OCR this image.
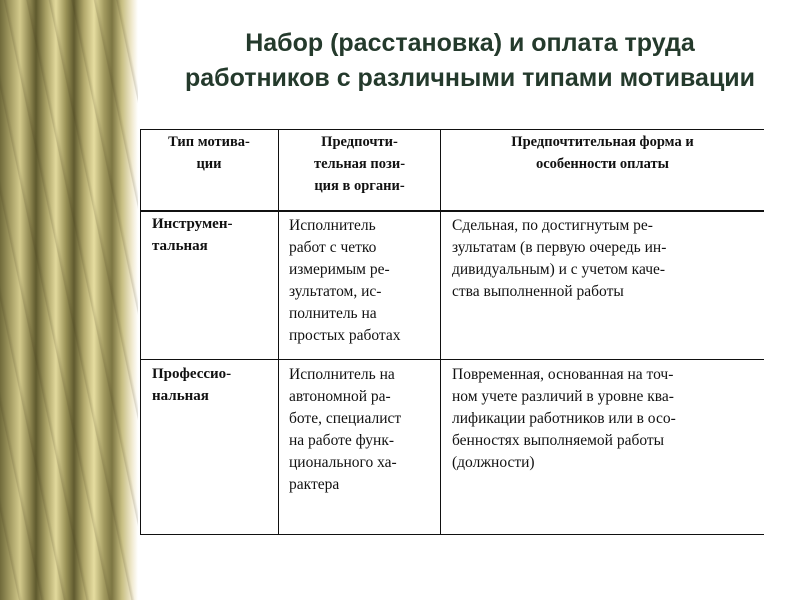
Набор (расстановка) и оплата труда
работников с различными типами мотивации
Тип мотива-
ции
Предпочти-
тельная пози-
ция в органи-
Предпочтительная форма и
особенности оплаты
Инструмен-
тальная
Исполнитель
работ с четко
измеримым ре-
зультатом, ис-
полнитель на
простых работах
Сдельная, по достигнутым ре-
зультатам (в первую очередь ин-
дивидуальным) и с учетом каче-
ства выполненной работы
Профессио-
нальная
Исполнитель на
автономной ра-
боте, специалист
на работе функ-
ционального ха-
рактера
Повременная, основанная на точ-
ном учете различий в уровне ква-
лификации работников или в осо-
бенностях выполняемой работы
(должности)
